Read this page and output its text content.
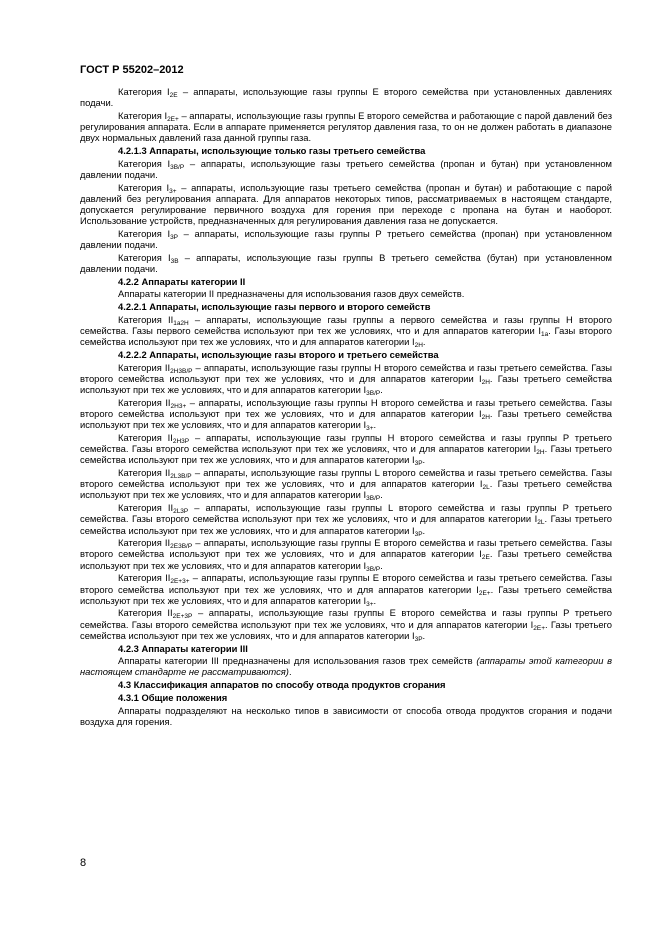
ГОСТ Р 55202–2012
Категория $I_{2E}$ – аппараты, использующие газы группы E второго семейства при установленных давлениях подачи.
Категория $I_{2E+}$ – аппараты, использующие газы группы E второго семейства и работающие с парой давлений без регулирования аппарата. Если в аппарате применяется регулятор давления газа, то он не должен работать в диапазоне двух нормальных давлений газа данной группы газа.
4.2.1.3 Аппараты, использующие только газы третьего семейства
Категория $I_{3B/P}$ – аппараты, использующие газы третьего семейства (пропан и бутан) при установленном давлении подачи.
Категория $I_{3+}$ – аппараты, использующие газы третьего семейства (пропан и бутан) и работающие с парой давлений без регулирования аппарата. Для аппаратов некоторых типов, рассматриваемых в настоящем стандарте, допускается регулирование первичного воздуха для горения при переходе с пропана на бутан и наоборот. Использование устройств, предназначенных для регулирования давления газа не допускается.
Категория $I_{3P}$ – аппараты, использующие газы группы P третьего семейства (пропан) при установленном давлении подачи.
Категория $I_{3B}$ – аппараты, использующие газы группы B третьего семейства (бутан) при установленном давлении подачи.
4.2.2 Аппараты категории II
Аппараты категории II предназначены для использования газов двух семейств.
4.2.2.1 Аппараты, использующие газы первого и второго семейств
Категория $II_{1a2H}$ – аппараты, использующие газы группы a первого семейства и газы группы H второго семейства. Газы первого семейства используют при тех же условиях, что и для аппаратов категории $I_{1a}$. Газы второго семейства используют при тех же условиях, что и для аппаратов категории $I_{2H}$.
4.2.2.2 Аппараты, использующие газы второго и третьего семейства
Категория $II_{2H3B/P}$ – аппараты, использующие газы группы H второго семейства и газы третьего семейства. Газы второго семейства используют при тех же условиях, что и для аппаратов категории $I_{2H}$. Газы третьего семейства используют при тех же условиях, что и для аппаратов категории $I_{3B/P}$.
Категория $II_{2H3+}$ – аппараты, использующие газы группы H второго семейства и газы третьего семейства. Газы второго семейства используют при тех же условиях, что и для аппаратов категории $I_{2H}$. Газы третьего семейства используют при тех же условиях, что и для аппаратов категории $I_{3+}$.
Категория $II_{2H3P}$ – аппараты, использующие газы группы H второго семейства и газы группы P третьего семейства. Газы второго семейства используют при тех же условиях, что и для аппаратов категории $I_{2H}$. Газы третьего семейства используют при тех же условиях, что и для аппаратов категории $I_{3P}$.
Категория $II_{2L3B/P}$ – аппараты, использующие газы группы L второго семейства и газы третьего семейства. Газы второго семейства используют при тех же условиях, что и для аппаратов категории $I_{2L}$. Газы третьего семейства используют при тех же условиях, что и для аппаратов категории $I_{3B/P}$.
Категория $II_{2L3P}$ – аппараты, использующие газы группы L второго семейства и газы группы P третьего семейства. Газы второго семейства используют при тех же условиях, что и для аппаратов категории $I_{2L}$. Газы третьего семейства используют при тех же условиях, что и для аппаратов категории $I_{3P}$.
Категория $II_{2E3B/P}$ – аппараты, использующие газы группы E второго семейства и газы третьего семейства. Газы второго семейства используют при тех же условиях, что и для аппаратов категории $I_{2E}$. Газы третьего семейства используют при тех же условиях, что и для аппаратов категории $I_{3B/P}$.
Категория $II_{2E+3+}$ – аппараты, использующие газы группы E второго семейства и газы третьего семейства. Газы второго семейства используют при тех же условиях, что и для аппаратов категории $I_{2E+}$. Газы третьего семейства используют при тех же условиях, что и для аппаратов категории $I_{3+}$.
Категория $II_{2E+3P}$ – аппараты, использующие газы группы E второго семейства и газы группы P третьего семейства. Газы второго семейства используют при тех же условиях, что и для аппаратов категории $I_{2E+}$. Газы третьего семейства используют при тех же условиях, что и для аппаратов категории $I_{3P}$.
4.2.3 Аппараты категории III
Аппараты категории III предназначены для использования газов трех семейств (аппараты этой категории в настоящем стандарте не рассматриваются).
4.3 Классификация аппаратов по способу отвода продуктов сгорания
4.3.1 Общие положения
Аппараты подразделяют на несколько типов в зависимости от способа отвода продуктов сгорания и подачи воздуха для горения.
8
